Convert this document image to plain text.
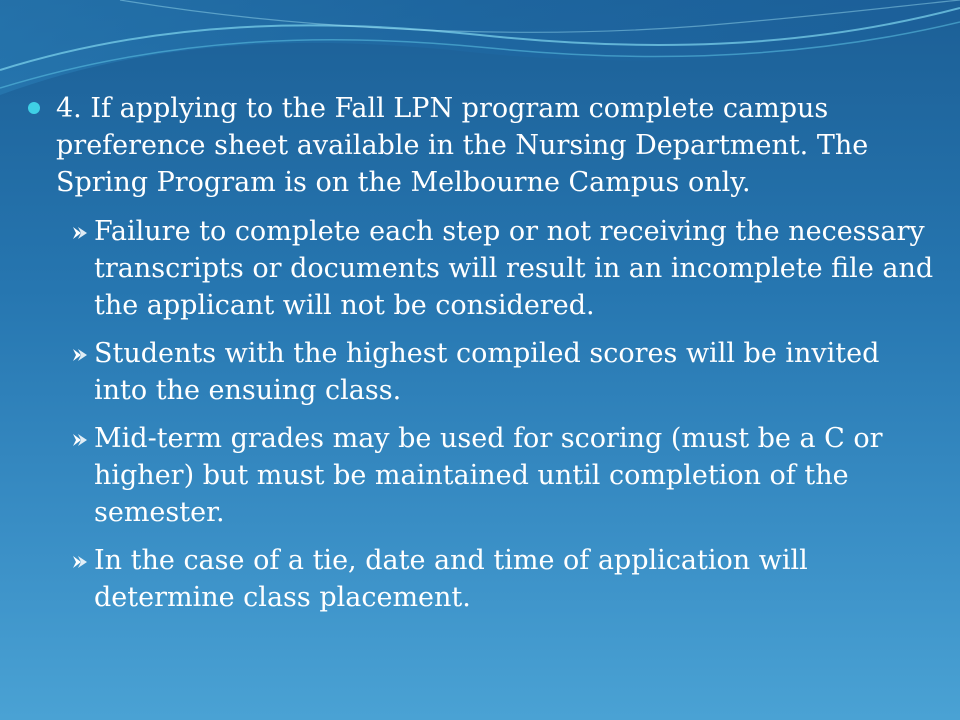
4. If applying to the Fall LPN program complete campus preference sheet available in the Nursing Department. The Spring Program is on the Melbourne Campus only.
Failure to complete each step or not receiving the necessary transcripts or documents will result in an incomplete file and the applicant will not be considered.
Students with the highest compiled scores will be invited into the ensuing class.
Mid-term grades may be used for scoring (must be a C or higher) but must be maintained until completion of the semester.
In the case of a tie, date and time of application will determine class placement.
